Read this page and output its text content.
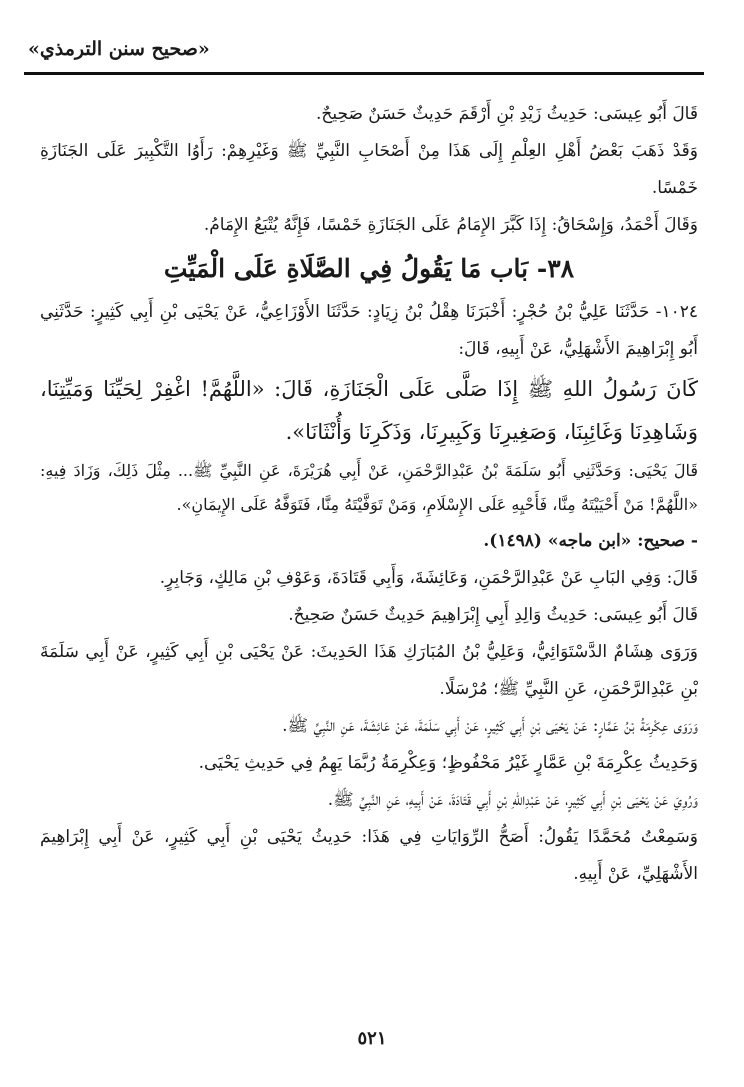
«صحيح سنن الترمذي»

قَالَ أَبُو عِيسَى: حَدِيثُ زَيْدِ بْنِ أَرْقَمَ حَدِيثٌ حَسَنٌ صَحِيحٌ.

وَقَدْ ذَهَبَ بَعْضُ أَهْلِ العِلْمِ إِلَى هَذَا مِنْ أَصْحَابِ النَّبِيِّ ﷺ وَغَيْرِهِمْ: رَأَوُا التَّكْبِيرَ عَلَى الجَنَازَةِ خَمْسًا.

وَقَالَ أَحْمَدُ، وَإِسْحَاقُ: إِذَا كَبَّرَ الإِمَامُ عَلَى الجَنَازَةِ خَمْسًا، فَإِنَّهُ يُتْبَعُ الإِمَامُ.

٣٨- بَاب مَا يَقُولُ فِي الصَّلَاةِ عَلَى الْمَيِّتِ

١٠٢٤- حَدَّثَنَا عَلِيُّ بْنُ حُجْرٍ: أَخْبَرَنَا هِقْلُ بْنُ زِيَادٍ: حَدَّثَنَا الأَوْزَاعِيُّ، عَنْ يَحْيَى بْنِ أَبِي كَثِيرٍ: حَدَّثَنِي أَبُو إِبْرَاهِيمَ الأَشْهَلِيُّ، عَنْ أَبِيهِ، قَالَ:

كَانَ رَسُولُ اللهِ ﷺ إِذَا صَلَّى عَلَى الْجَنَازَةِ، قَالَ: «اللَّهُمَّ! اغْفِرْ لِحَيِّنَا وَمَيِّتِنَا، وَشَاهِدِنَا وَغَائِبِنَا، وَصَغِيرِنَا وَكَبِيرِنَا، وَذَكَرِنَا وَأُنْثَانَا».

قَالَ يَحْيَى: وَحَدَّثَنِي أَبُو سَلَمَةَ بْنُ عَبْدِالرَّحْمَنِ، عَنْ أَبِي هُرَيْرَةَ، عَنِ النَّبِيِّ ﷺ... مِثْلَ ذَلِكَ، وَزَادَ فِيهِ: «اللَّهُمَّ! مَنْ أَحْيَيْتَهُ مِنَّا، فَأَحْيِهِ عَلَى الإِسْلَامِ، وَمَنْ تَوَفَّيْتَهُ مِنَّا، فَتَوَفَّهُ عَلَى الإِيمَانِ».

- صحيح: «ابن ماجه» (١٤٩٨).

قَالَ: وَفِي البَابِ عَنْ عَبْدِالرَّحْمَنِ، وَعَائِشَةَ، وَأَبِي قَتَادَةَ، وَعَوْفِ بْنِ مَالِكٍ، وَجَابِرٍ.

قَالَ أَبُو عِيسَى: حَدِيثُ وَالِدِ أَبِي إِبْرَاهِيمَ حَدِيثٌ حَسَنٌ صَحِيحٌ.

وَرَوَى هِشَامٌ الدَّسْتَوَائِيُّ، وَعَلِيُّ بْنُ المُبَارَكِ هَذَا الحَدِيثَ: عَنْ يَحْيَى بْنِ أَبِي كَثِيرٍ، عَنْ أَبِي سَلَمَةَ بْنِ عَبْدِالرَّحْمَنِ، عَنِ النَّبِيِّ ﷺ؛ مُرْسَلًا.

وَرَوَى عِكْرِمَةُ بْنُ عَمَّارٍ: عَنْ يَحْيَى بْنِ أَبِي كَثِيرٍ، عَنْ أَبِي سَلَمَةَ، عَنْ عَائِشَةَ، عَنِ النَّبِيِّ ﷺ.

وَحَدِيثُ عِكْرِمَةَ بْنِ عَمَّارٍ غَيْرُ مَحْفُوظٍ؛ وَعِكْرِمَةُ رُبَّمَا يَهِمُ فِي حَدِيثِ يَحْيَى.

وَرُوِيَ عَنْ يَحْيَى بْنِ أَبِي كَثِيرٍ، عَنْ عَبْدِاللهِ بْنِ أَبِي قَتَادَةَ، عَنْ أَبِيهِ، عَنِ النَّبِيِّ ﷺ.

وَسَمِعْتُ مُحَمَّدًا يَقُولُ: أَصَحُّ الرِّوَايَاتِ فِي هَذَا: حَدِيثُ يَحْيَى بْنِ أَبِي كَثِيرٍ، عَنْ أَبِي إِبْرَاهِيمَ الأَشْهَلِيِّ، عَنْ أَبِيهِ.

٥٢١
